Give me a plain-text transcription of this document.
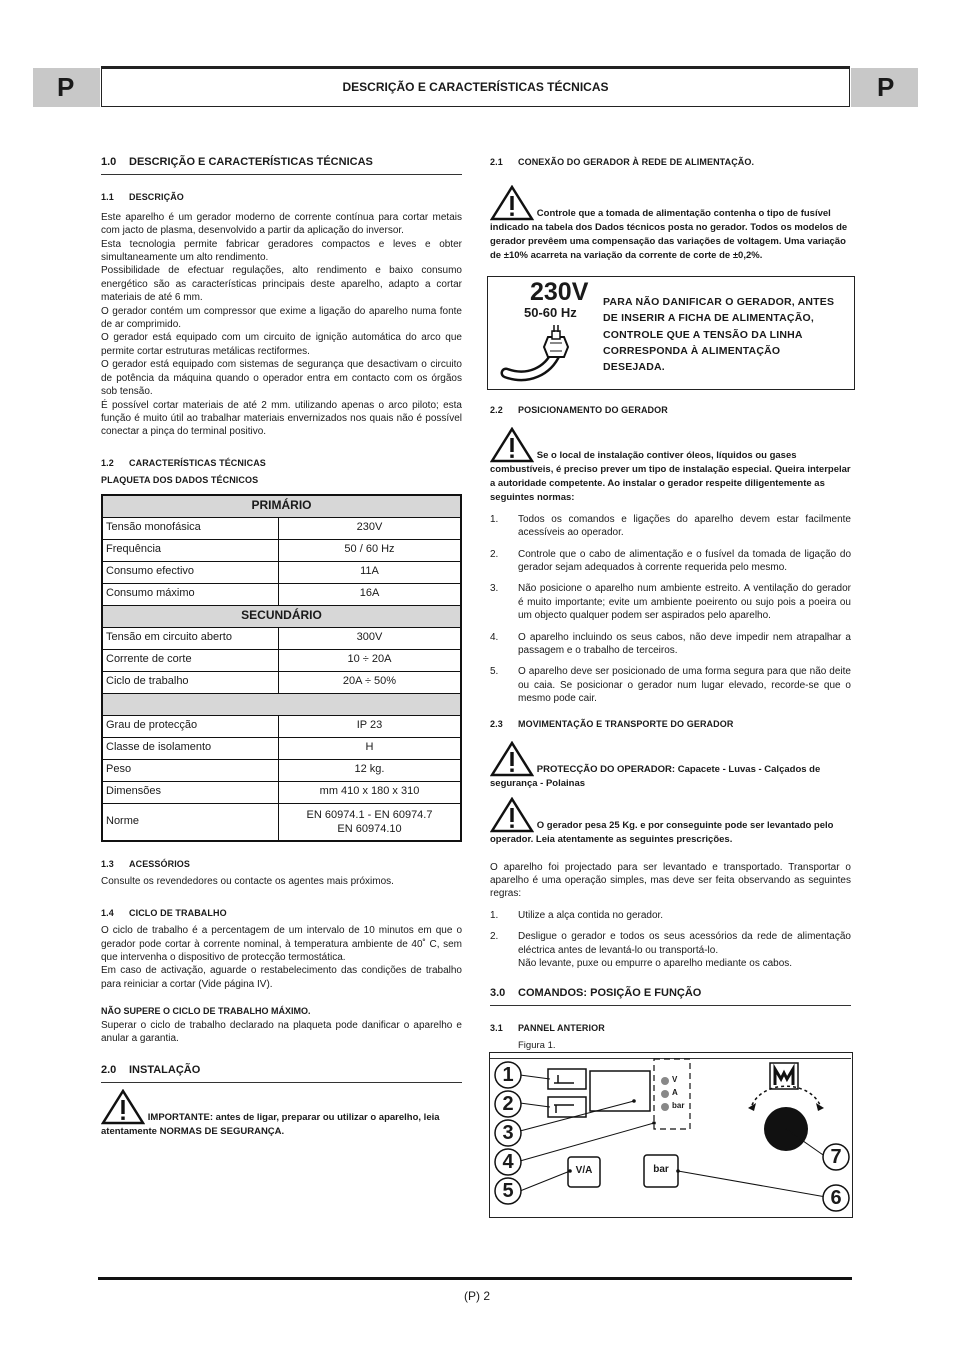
P	DESCRIÇÃO E CARACTERÍSTICAS TÉCNICAS	P
1.0 DESCRIÇÃO E CARACTERÍSTICAS TÉCNICAS
1.1 DESCRIÇÃO

Este aparelho é um gerador moderno de corrente contínua para cortar metais com jacto de plasma, desenvolvido a partir da aplicação do inversor.

Esta tecnologia permite fabricar geradores compactos e leves e obter simultaneamente um alto rendimento.

Possibilidade de efectuar regulações, alto rendimento e baixo consumo energético são as características principais deste aparelho, adapto a cortar materiais de até 6 mm.

O gerador contém um compressor que exime a ligação do aparelho numa fonte de ar comprimido.

O gerador está equipado com um circuito de ignição automática do arco que permite cortar estruturas metálicas rectiformes.

O gerador está equipado com sistemas de segurança que desactivam o circuito de potência da máquina quando o operador entra em contacto com os órgãos sob tensão.

É possível cortar materiais de até 2 mm. utilizando apenas o arco piloto; esta função é muito útil ao trabalhar materiais envernizados nos quais não é possível conectar a pinça do terminal positivo.

1.2 CARACTERÍSTICAS TÉCNICAS
PLAQUETA DOS DADOS TÉCNICOS
PRIMÁRIO	
Tensão monofásica	230V
Frequência	50 / 60 Hz
Consumo efectivo	11A
Consumo máximo	16A
SECUNDÁRIO	
Tensão em circuito aberto	300V
Corrente de corte	10 ÷ 20A
Ciclo de trabalho	20A ÷ 50%

Grau de protecção	IP 23
Classe de isolamento	H
Peso	12 kg.
Dimensões	mm 410 x 180 x 310
Norme	EN 60974.1 - EN 60974.7
EN 60974.10
1.3 ACESSÓRIOS

Consulte os revendedores ou contacte os agentes mais próximos.

1.4 CICLO DE TRABALHO

O ciclo de trabalho é a percentagem de um intervalo de 10 minutos em que o gerador pode cortar à corrente nominal, à temperatura ambiente de 40˚ C, sem que intervenha o dispositivo de protecção termostática.

Em caso de activação, aguarde o restabelecimento das condições de trabalho para reiniciar a cortar (Vide página IV).

NÃO SUPERE O CICLO DE TRABALHO MÁXIMO.

Superar o ciclo de trabalho declarado na plaqueta pode danificar o aparelho e anular a garantia.

2.0 INSTALAÇÃO
IMPORTANTE: antes de ligar, preparar ou utilizar o aparelho, leia atentamente NORMAS DE SEGURANÇA.
2.1 CONEXÃO DO GERADOR À REDE DE ALIMENTAÇÃO.
Controle que a tomada de alimentação contenha o tipo de fusível indicado na tabela dos Dados técnicos posta no gerador. Todos os modelos de gerador prevêem uma compensação das variações de voltagem. Uma variação de ±10% acarreta na variação da corrente de corte de ±0,2%.
230V
50-60 Hz
PARA NÃO DANIFICAR O GERADOR, ANTES DE INSERIR A FICHA DE ALIMENTAÇÃO, CONTROLE QUE A TENSÃO DA LINHA CORRESPONDA À ALIMENTAÇÃO DESEJADA.
2.2 POSICIONAMENTO DO GERADOR
Se o local de instalação contiver óleos, líquidos ou gases combustíveis, é preciso prever um tipo de instalação especial. Queira interpelar a autoridade competente. Ao instalar o gerador respeite diligentemente as seguintes normas:
1. Todos os comandos e ligações do aparelho devem estar facilmente acessíveis ao operador.
2. Controle que o cabo de alimentação e o fusível da tomada de ligação do gerador sejam adequados à corrente requerida pelo mesmo.
3. Não posicione o aparelho num ambiente estreito. A ventilação do gerador é muito importante; evite um ambiente poeirento ou sujo pois a poeira ou um objecto qualquer podem ser aspirados pelo aparelho.
4. O aparelho incluindo os seus cabos, não deve impedir nem atrapalhar a passagem e o trabalho de terceiros.
5. O aparelho deve ser posicionado de uma forma segura para que não deite ou caia. Se posicionar o gerador num lugar elevado, recorde-se que o mesmo pode cair.
2.3 MOVIMENTAÇÃO E TRANSPORTE DO GERADOR
PROTECÇÃO DO OPERADOR: Capacete - Luvas - Calçados de segurança - Polainas
O gerador pesa 25 Kg. e por conseguinte pode ser levantado pelo operador. Leia atentamente as seguintes prescrições.

O aparelho foi projectado para ser levantado e transportado. Transportar o aparelho é uma operação simples, mas deve ser feita observando as seguintes regras:

1. Utilize a alça contida no gerador.
2. Desligue o gerador e todos os seus acessórios da rede de alimentação eléctrica antes de levantá-lo ou transportá-lo.
Não levante, puxe ou empurre o aparelho mediante os cabos.
3.0 COMANDOS: POSIÇÃO E FUNÇÃO
3.1 PANNEL ANTERIOR
Figura 1.
1
2
3
4
5	6
7
V
A
bar
V/A	bar
(P) 2
